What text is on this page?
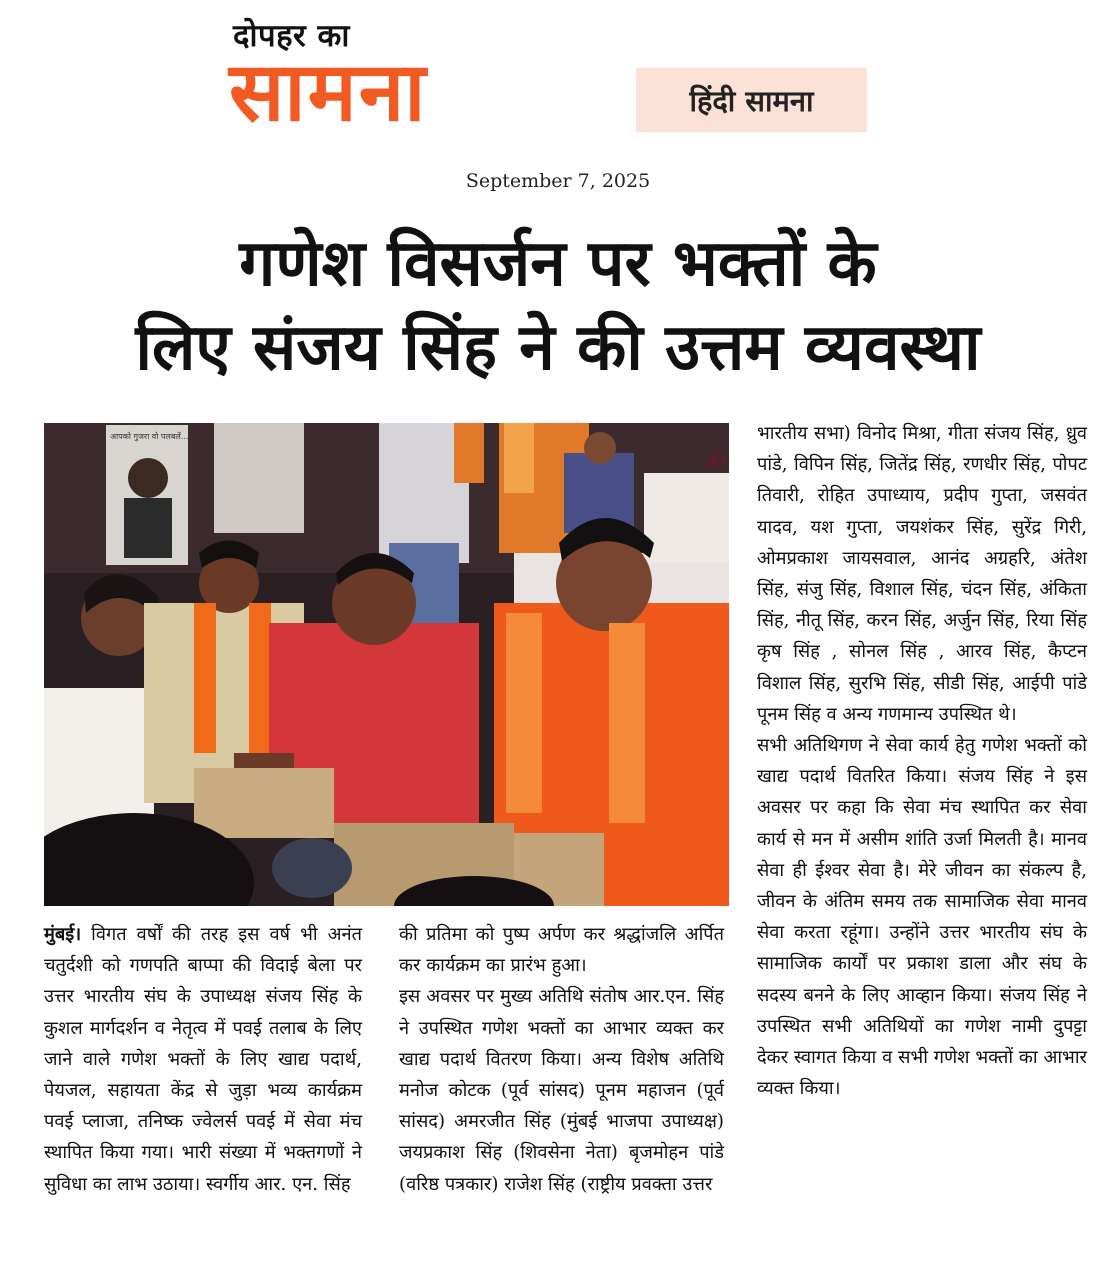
दोपहर का
सामना	हिंदी सामना
September 7, 2025
गणेश विसर्जन पर भक्तों के
लिए संजय सिंह ने की उत्तम व्यवस्था
आपको गुजरा वो पलबलें...
ॐ

भारतीय सभा) विनोद मिश्रा, गीता संजय सिंह, ध्रुव पांडे, विपिन सिंह, जितेंद्र सिंह, रणधीर सिंह, पोपट तिवारी, रोहित उपाध्याय, प्रदीप गुप्ता, जसवंत यादव, यश गुप्ता, जयशंकर सिंह, सुरेंद्र गिरी, ओमप्रकाश जायसवाल, आनंद अग्रहरि, अंतेश सिंह, संजु सिंह, विशाल सिंह, चंदन सिंह, अंकिता सिंह, नीतू सिंह, करन सिंह, अर्जुन सिंह, रिया सिंह कृष सिंह , सोनल सिंह , आरव सिंह, कैप्टन विशाल सिंह, सुरभि सिंह, सीडी सिंह, आईपी पांडे पूनम सिंह व अन्य गणमान्य उपस्थित थे।

सभी अतिथिगण ने सेवा कार्य हेतु गणेश भक्तों को खाद्य पदार्थ वितरित किया। संजय सिंह ने इस अवसर पर कहा कि सेवा मंच स्थापित कर सेवा कार्य से मन में असीम शांति उर्जा मिलती है। मानव सेवा ही ईश्वर सेवा है। मेरे जीवन का संकल्प है, जीवन के अंतिम समय तक सामाजिक सेवा मानव सेवा करता रहूंगा। उन्होंने उत्तर भारतीय संघ के सामाजिक कार्यों पर प्रकाश डाला और संघ के सदस्य बनने के लिए आव्हान किया। संजय सिंह ने उपस्थित सभी अतिथियों का गणेश नामी दुपट्टा देकर स्वागत किया व सभी गणेश भक्तों का आभार व्यक्त किया।

मुंबई। विगत वर्षों की तरह इस वर्ष भी अनंत चतुर्दशी को गणपति बाप्पा की विदाई बेला पर उत्तर भारतीय संघ के उपाध्यक्ष संजय सिंह के कुशल मार्गदर्शन व नेतृत्व में पवई तलाब के लिए जाने वाले गणेश भक्तों के लिए खाद्य पदार्थ, पेयजल, सहायता केंद्र से जुड़ा भव्य कार्यक्रम पवई प्लाजा, तनिष्क ज्वेलर्स पवई में सेवा मंच स्थापित किया गया। भारी संख्या में भक्तगणों ने सुविधा का लाभ उठाया। स्वर्गीय आर. एन. सिंह

की प्रतिमा को पुष्प अर्पण कर श्रद्धांजलि अर्पित कर कार्यक्रम का प्रारंभ हुआ।

इस अवसर पर मुख्य अतिथि संतोष आर.एन. सिंह ने उपस्थित गणेश भक्तों का आभार व्यक्त कर खाद्य पदार्थ वितरण किया। अन्य विशेष अतिथि मनोज कोटक (पूर्व सांसद) पूनम महाजन (पूर्व सांसद) अमरजीत सिंह (मुंबई भाजपा उपाध्यक्ष) जयप्रकाश सिंह (शिवसेना नेता) बृजमोहन पांडे (वरिष्ठ पत्रकार) राजेश सिंह (राष्ट्रीय प्रवक्ता उत्तर
